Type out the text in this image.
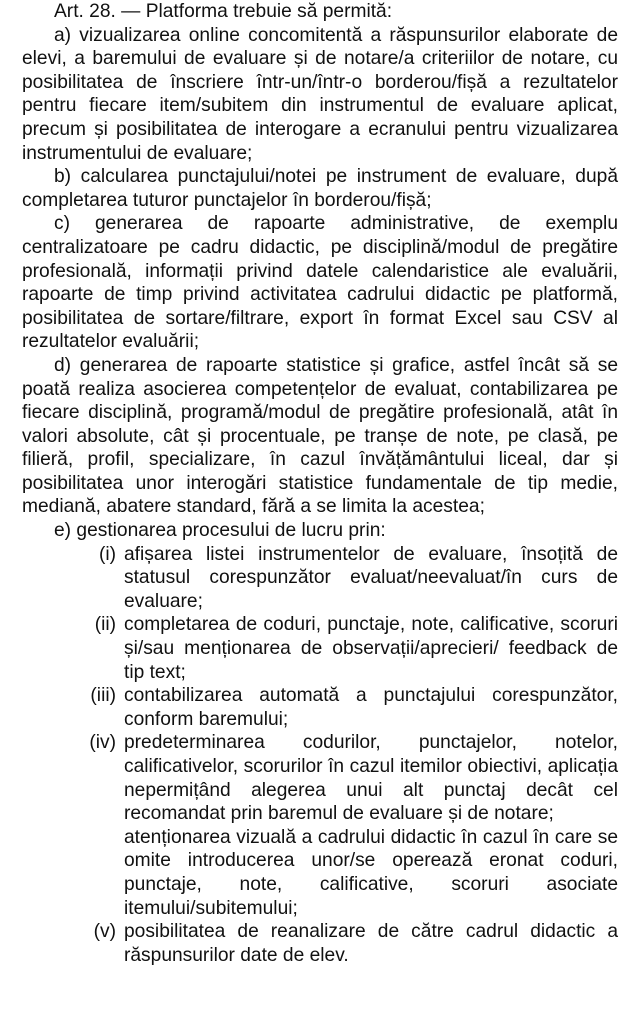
Art. 28. — Platforma trebuie să permită:

a) vizualizarea online concomitentă a răspunsurilor elaborate de elevi, a baremului de evaluare și de notare/a criteriilor de notare, cu posibilitatea de înscriere într-un/într-o borderou/fișă a rezultatelor pentru fiecare item/subitem din instrumentul de evaluare aplicat, precum și posibilitatea de interogare a ecranului pentru vizualizarea instrumentului de evaluare;

b) calcularea punctajului/notei pe instrument de evaluare, după completarea tuturor punctajelor în borderou/fișă;

c) generarea de rapoarte administrative, de exemplu centralizatoare pe cadru didactic, pe disciplină/modul de pregătire profesională, informații privind datele calendaristice ale evaluării, rapoarte de timp privind activitatea cadrului didactic pe platformă, posibilitatea de sortare/filtrare, export în format Excel sau CSV al rezultatelor evaluării;

d) generarea de rapoarte statistice și grafice, astfel încât să se poată realiza asocierea competențelor de evaluat, contabilizarea pe fiecare disciplină, programă/modul de pregătire profesională, atât în valori absolute, cât și procentuale, pe tranșe de note, pe clasă, pe filieră, profil, specializare, în cazul învățământului liceal, dar și posibilitatea unor interogări statistice fundamentale de tip medie, mediană, abatere standard, fără a se limita la acestea;

e) gestionarea procesului de lucru prin:

(i) afișarea listei instrumentelor de evaluare, însoțită de statusul corespunzător evaluat/neevaluat/în curs de evaluare;
(ii) completarea de coduri, punctaje, note, calificative, scoruri și/sau menționarea de observații/aprecieri/ feedback de tip text;
(iii) contabilizarea automată a punctajului corespunzător, conform baremului;
(iv) predeterminarea codurilor, punctajelor, notelor, calificativelor, scorurilor în cazul itemilor obiectivi, aplicația nepermițând alegerea unui alt punctaj decât cel recomandat prin baremul de evaluare și de notare;
atenționarea vizuală a cadrului didactic în cazul în care se omite introducerea unor/se operează eronat coduri, punctaje, note, calificative, scoruri asociate itemului/subitemului;
(v) posibilitatea de reanalizare de către cadrul didactic a răspunsurilor date de elev.
